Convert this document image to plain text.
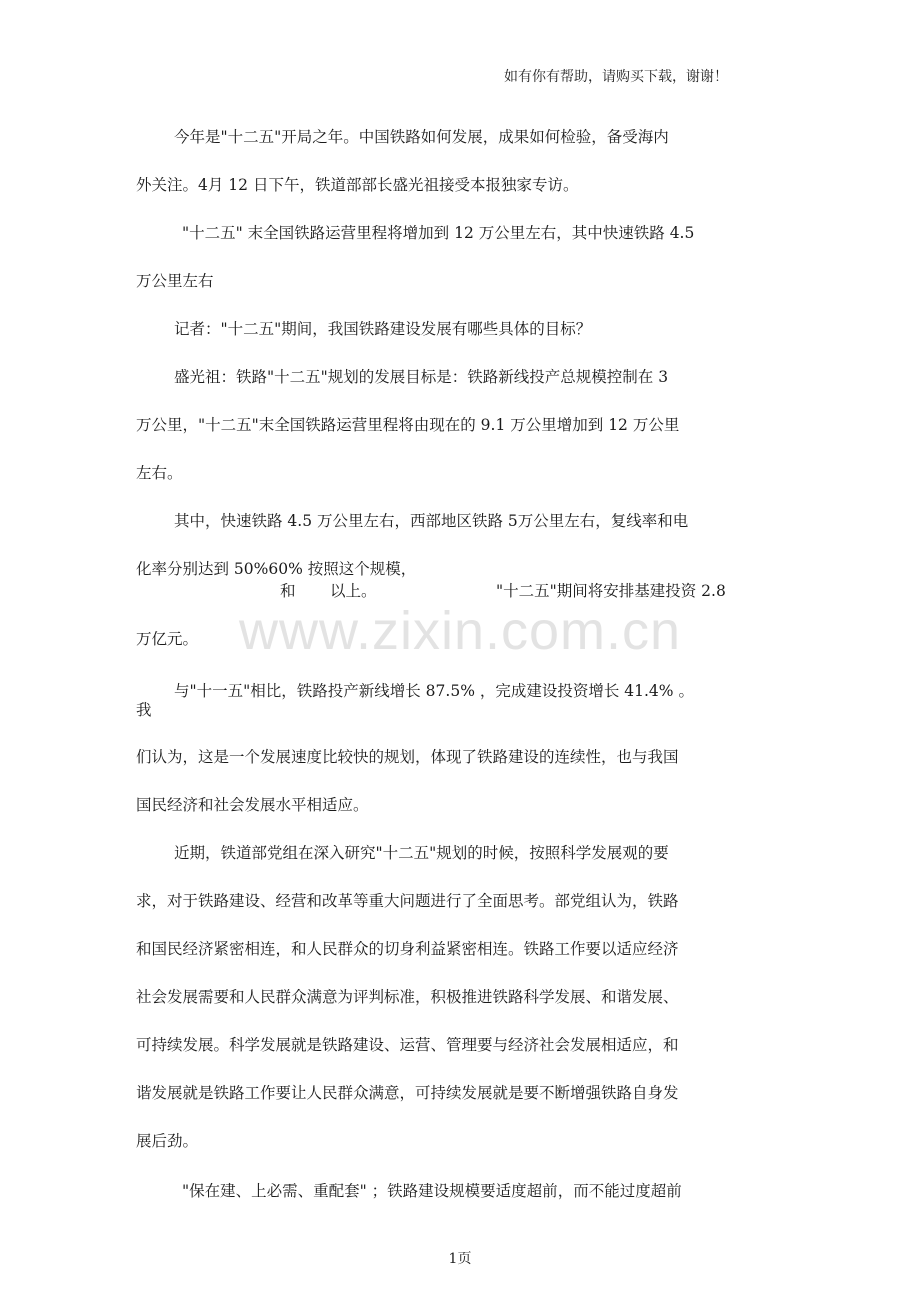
如有你有帮助，请购买下载，谢谢！
今年是"十二五"开局之年。中国铁路如何发展，成果如何检验，备受海内
外关注。4月 12 日下午，铁道部部长盛光祖接受本报独家专访。
"十二五" 末全国铁路运营里程将增加到 12 万公里左右，其中快速铁路 4.5
万公里左右
记者："十二五"期间，我国铁路建设发展有哪些具体的目标？
盛光祖：铁路"十二五"规划的发展目标是：铁路新线投产总规模控制在 3
万公里，"十二五"末全国铁路运营里程将由现在的 9.1 万公里增加到 12 万公里
左右。
其中，快速铁路 4.5 万公里左右，西部地区铁路 5万公里左右，复线率和电
化率分别达到 50%60% 按照这个规模，
和 以上。	"十二五"期间将安排基建投资 2.8
万亿元。
与"十一五"相比，铁路投产新线增长 87.5% ，完成建设投资增长 41.4% 。
我
们认为，这是一个发展速度比较快的规划，体现了铁路建设的连续性，也与我国
国民经济和社会发展水平相适应。
近期，铁道部党组在深入研究"十二五"规划的时候，按照科学发展观的要
求，对于铁路建设、经营和改革等重大问题进行了全面思考。部党组认为，铁路
和国民经济紧密相连，和人民群众的切身利益紧密相连。铁路工作要以适应经济
社会发展需要和人民群众满意为评判标准，积极推进铁路科学发展、和谐发展、
可持续发展。科学发展就是铁路建设、运营、管理要与经济社会发展相适应，和
谐发展就是铁路工作要让人民群众满意，可持续发展就是要不断增强铁路自身发
展后劲。
"保在建、上必需、重配套" ；铁路建设规模要适度超前，而不能过度超前
www.zixin.com.cn
1页
